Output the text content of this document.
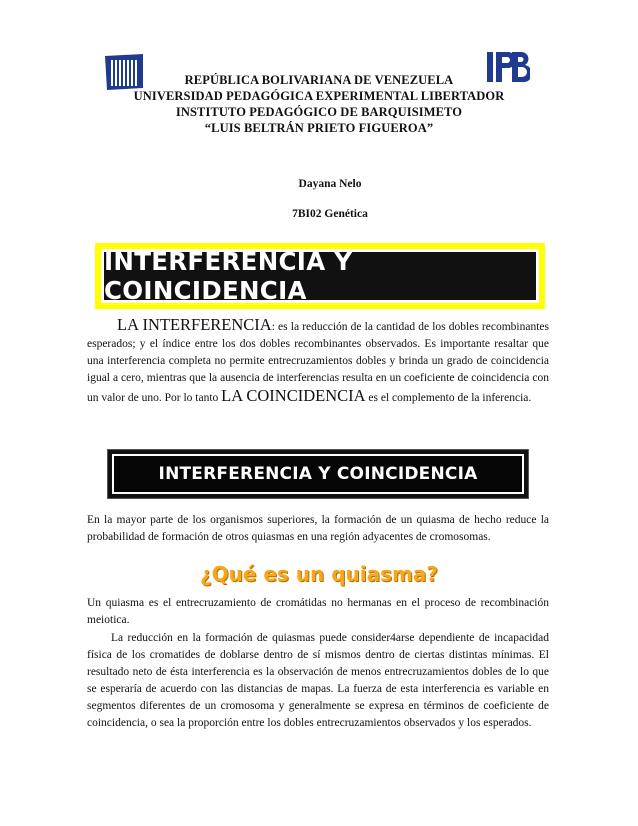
REPÚBLICA BOLIVARIANA DE VENEZUELA
UNIVERSIDAD PEDAGÓGICA EXPERIMENTAL LIBERTADOR
INSTITUTO PEDAGÓGICO DE BARQUISIMETO
“LUIS BELTRÁN PRIETO FIGUEROA”
Dayana Nelo
7BI02 Genética
INTERFERENCIA Y COINCIDENCIA
LA INTERFERENCIA: es la reducción de la cantidad de los dobles recombinantes esperados; y el índice entre los dos dobles recombinantes observados. Es importante resaltar que una interferencia completa no permite entrecruzamientos dobles y brinda un grado de coincidencia igual a cero, mientras que la ausencia de interferencias resulta en un coeficiente de coincidencia con un valor de uno. Por lo tanto LA COINCIDENCIA es el complemento de la inferencia.
INTERFERENCIA Y COINCIDENCIA
En la mayor parte de los organismos superiores, la formación de un quiasma de hecho reduce la probabilidad de formación de otros quiasmas en una región adyacentes de cromosomas.
¿Qué es un quiasma?
Un quiasma es el entrecruzamiento de cromátidas no hermanas en el proceso de recombinación meiotica.
La reducción en la formación de quiasmas puede consider4arse dependiente de incapacidad física de los cromatides de doblarse dentro de sí mismos dentro de ciertas distintas mínimas. El resultado neto de ésta interferencia es la observación de menos entrecruzamientos dobles de lo que se esperaría de acuerdo con las distancias de mapas. La fuerza de esta interferencia es variable en segmentos diferentes de un cromosoma y generalmente se expresa en términos de coeficiente de coincidencia, o sea la proporción entre los dobles entrecruzamientos observados y los esperados.
